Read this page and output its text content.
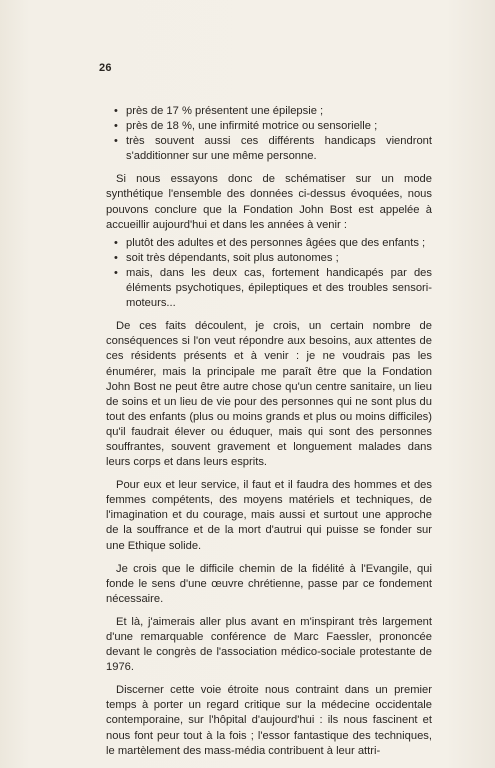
26
• près de 17 % présentent une épilepsie ;
• près de 18 %, une infirmité motrice ou sensorielle ;
• très souvent aussi ces différents handicaps viendront s'additionner sur une même personne.

Si nous essayons donc de schématiser sur un mode synthétique l'ensemble des données ci-dessus évoquées, nous pouvons conclure que la Fondation John Bost est appelée à accueillir aujourd'hui et dans les années à venir :

• plutôt des adultes et des personnes âgées que des enfants ;
• soit très dépendants, soit plus autonomes ;
• mais, dans les deux cas, fortement handicapés par des éléments psychotiques, épileptiques et des troubles sensori-moteurs...

De ces faits découlent, je crois, un certain nombre de conséquences si l'on veut répondre aux besoins, aux attentes de ces résidents présents et à venir : je ne voudrais pas les énumérer, mais la principale me paraît être que la Fondation John Bost ne peut être autre chose qu'un centre sanitaire, un lieu de soins et un lieu de vie pour des personnes qui ne sont plus du tout des enfants (plus ou moins grands et plus ou moins difficiles) qu'il faudrait élever ou éduquer, mais qui sont des personnes souffrantes, souvent gravement et longuement malades dans leurs corps et dans leurs esprits.

Pour eux et leur service, il faut et il faudra des hommes et des femmes compétents, des moyens matériels et techniques, de l'imagination et du courage, mais aussi et surtout une approche de la souffrance et de la mort d'autrui qui puisse se fonder sur une Ethique solide.

Je crois que le difficile chemin de la fidélité à l'Evangile, qui fonde le sens d'une œuvre chrétienne, passe par ce fondement nécessaire.

Et là, j'aimerais aller plus avant en m'inspirant très largement d'une remarquable conférence de Marc Faessler, prononcée devant le congrès de l'association médico-sociale protestante de 1976.

Discerner cette voie étroite nous contraint dans un premier temps à porter un regard critique sur la médecine occidentale contemporaine, sur l'hôpital d'aujourd'hui : ils nous fascinent et nous font peur tout à la fois ; l'essor fantastique des techniques, le martèlement des mass-média contribuent à leur attri-
